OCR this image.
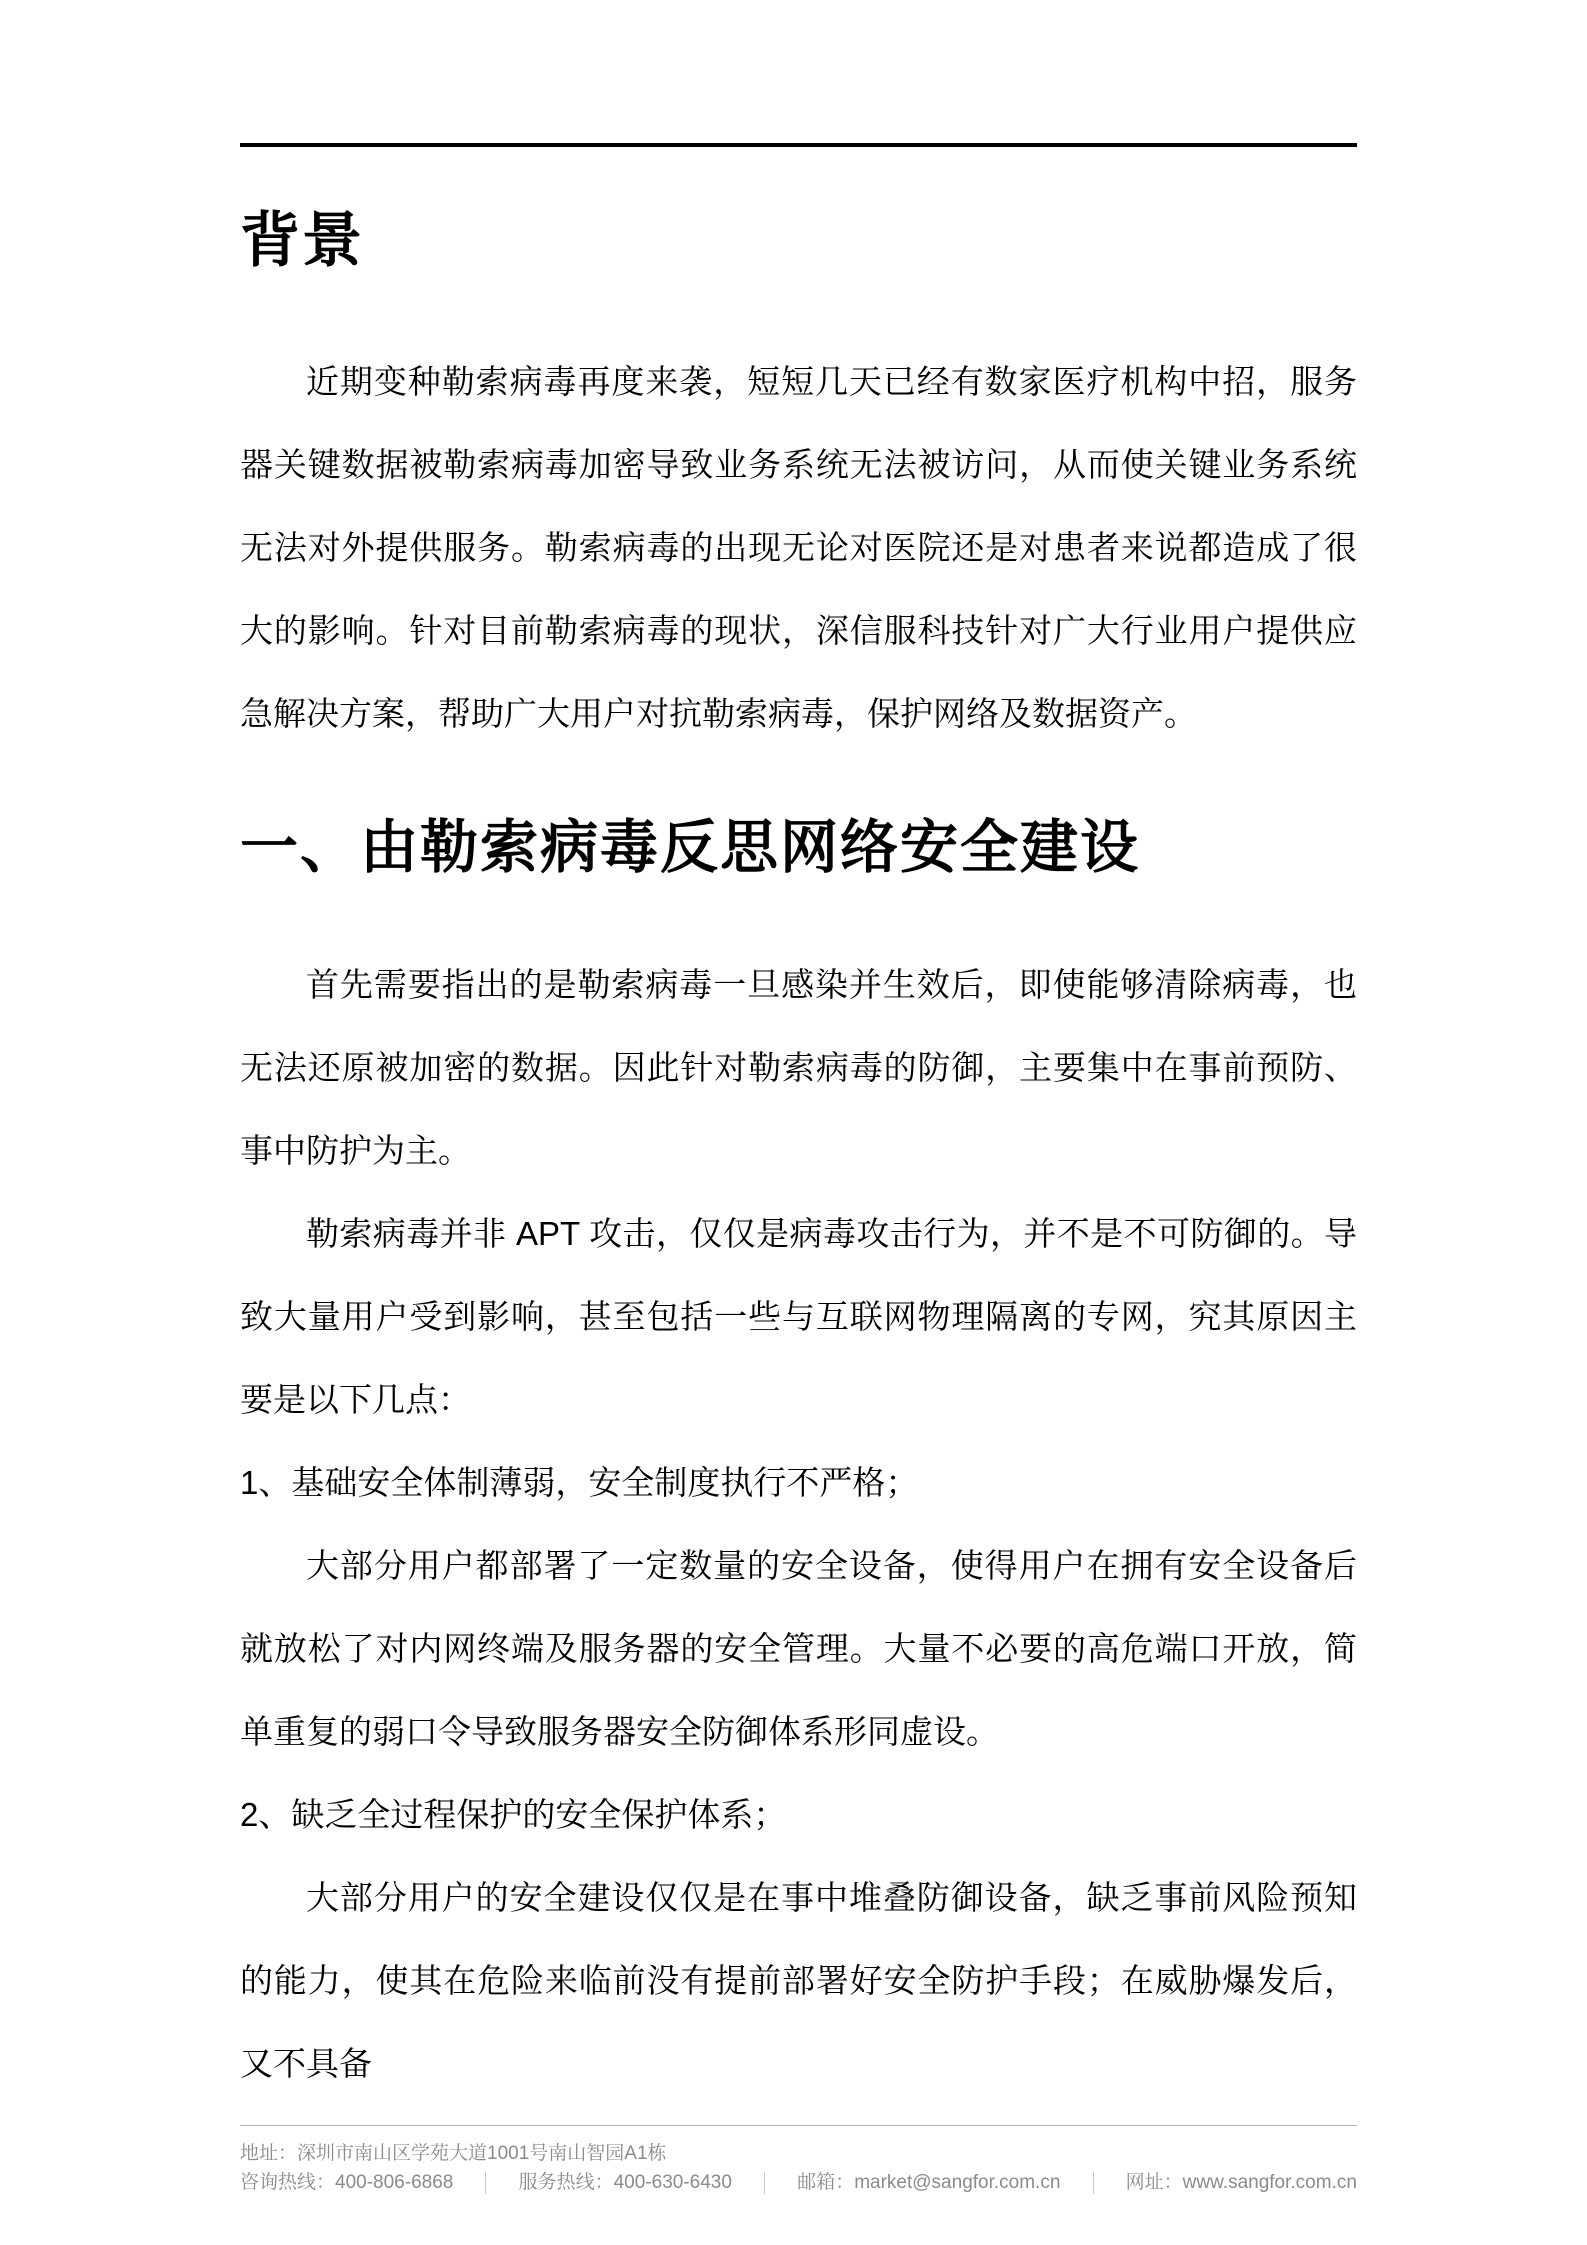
背景

近期变种勒索病毒再度来袭，短短几天已经有数家医疗机构中招，服务器关键数据被勒索病毒加密导致业务系统无法被访问，从而使关键业务系统无法对外提供服务。勒索病毒的出现无论对医院还是对患者来说都造成了很大的影响。针对目前勒索病毒的现状，深信服科技针对广大行业用户提供应急解决方案，帮助广大用户对抗勒索病毒，保护网络及数据资产。

一、由勒索病毒反思网络安全建设

首先需要指出的是勒索病毒一旦感染并生效后，即使能够清除病毒，也无法还原被加密的数据。因此针对勒索病毒的防御，主要集中在事前预防、事中防护为主。

勒索病毒并非 APT 攻击，仅仅是病毒攻击行为，并不是不可防御的。导致大量用户受到影响，甚至包括一些与互联网物理隔离的专网，究其原因主要是以下几点：

1、基础安全体制薄弱，安全制度执行不严格；

大部分用户都部署了一定数量的安全设备，使得用户在拥有安全设备后就放松了对内网终端及服务器的安全管理。大量不必要的高危端口开放，简单重复的弱口令导致服务器安全防御体系形同虚设。

2、缺乏全过程保护的安全保护体系；

大部分用户的安全建设仅仅是在事中堆叠防御设备，缺乏事前风险预知的能力，使其在危险来临前没有提前部署好安全防护手段；在威胁爆发后，又不具备

地址：深圳市南山区学苑大道1001号南山智园A1栋
咨询热线：400-806-6868	服务热线：400-630-6430	邮箱：market@sangfor.com.cn	网址：www.sangfor.com.cn
